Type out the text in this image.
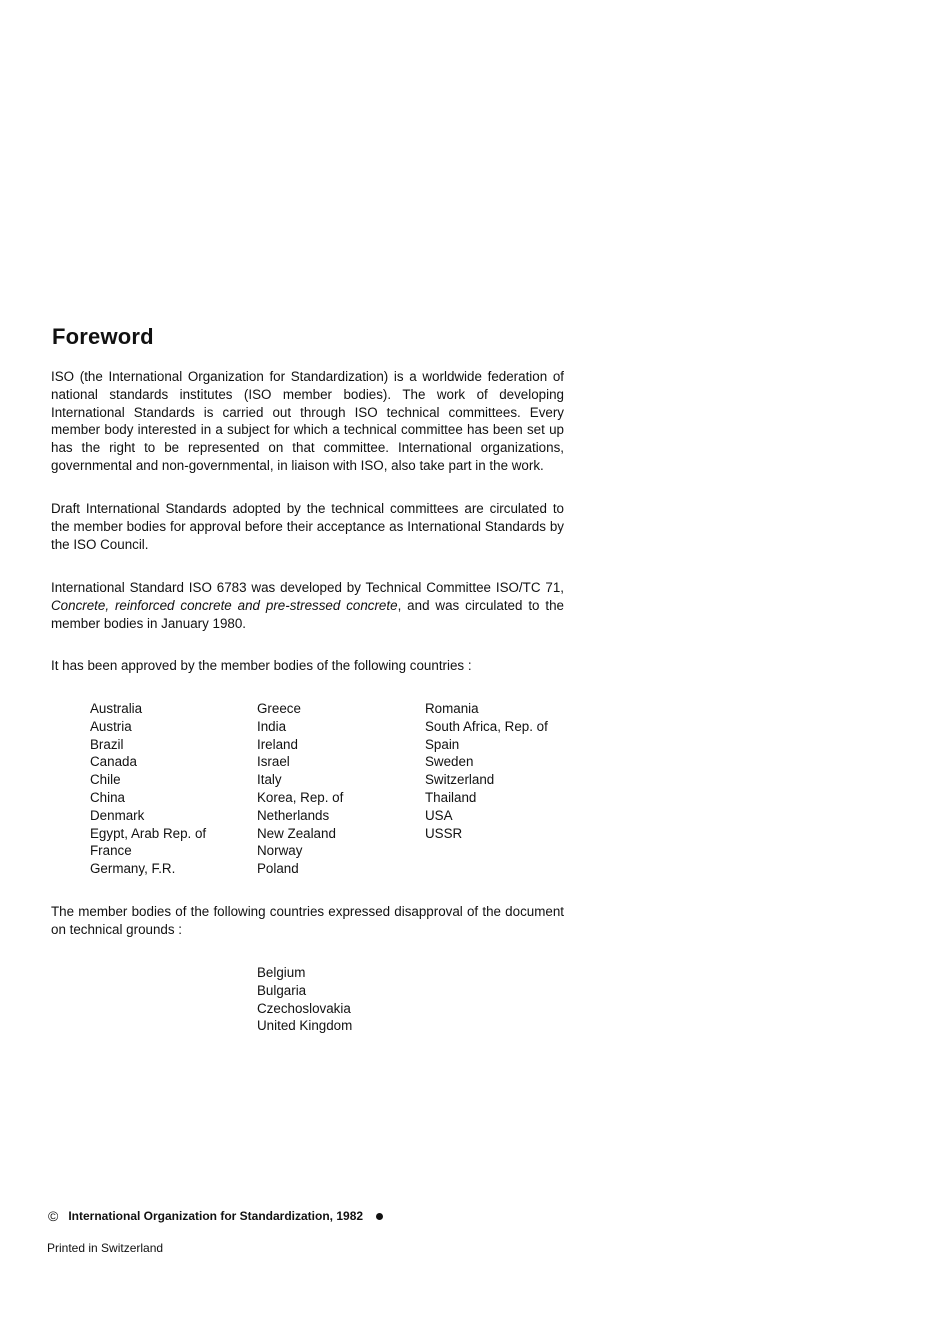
Foreword

ISO (the International Organization for Standardization) is a worldwide federation of national standards institutes (ISO member bodies). The work of developing International Standards is carried out through ISO technical committees. Every member body interested in a subject for which a technical committee has been set up has the right to be represented on that committee. International organizations, governmental and non-governmental, in liaison with ISO, also take part in the work.

Draft International Standards adopted by the technical committees are circulated to the member bodies for approval before their acceptance as International Standards by the ISO Council.

International Standard ISO 6783 was developed by Technical Committee ISO/TC 71, Concrete, reinforced concrete and pre-stressed concrete, and was circulated to the member bodies in January 1980.

It has been approved by the member bodies of the following countries :

Australia
Austria
Brazil
Canada
Chile
China
Denmark
Egypt, Arab Rep. of
France
Germany, F.R.
Greece
India
Ireland
Israel
Italy
Korea, Rep. of
Netherlands
New Zealand
Norway
Poland
Romania
South Africa, Rep. of
Spain
Sweden
Switzerland
Thailand
USA
USSR

The member bodies of the following countries expressed disapproval of the document on technical grounds :

Belgium
Bulgaria
Czechoslovakia
United Kingdom
© International Organization for Standardization, 1982
Printed in Switzerland
